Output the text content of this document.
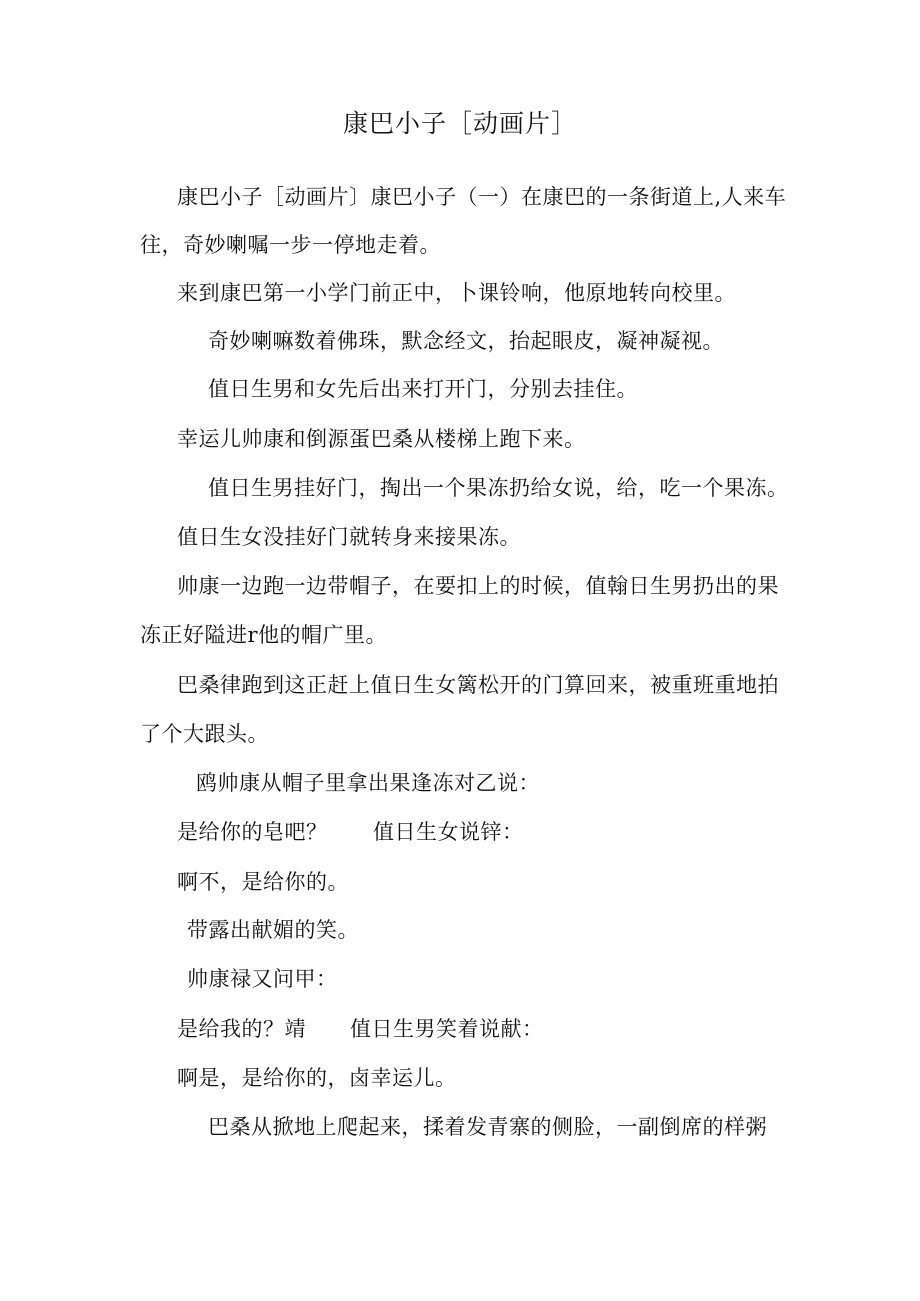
康巴小子［动画片］
康巴小子［动画片〕康巴小子（一）在康巴的一条街道上,人来车
往，奇妙喇嘱一步一停地走着。
来到康巴第一小学门前正中，卜课铃响，他原地转向校里。
奇妙喇嘛数着佛珠，默念经文，抬起眼皮，凝神凝视。
值日生男和女先后出来打开门，分别去挂住。
幸运儿帅康和倒源蛋巴桑从楼梯上跑下来。
值日生男挂好门，掏出一个果冻扔给女说，给，吃一个果冻。
值日生女没挂好门就转身来接果冻。
帅康一边跑一边带帽子，在要扣上的时候，值翰日生男扔出的果
冻正好隘进r他的帽广里。
巴桑律跑到这正赶上值日生女篱松开的门算回来，被重班重地拍
了个大跟头。
鸥帅康从帽子里拿出果逢冻对乙说：
是给你的皂吧？ 值日生女说锌：
啊不，是给你的。
带露出献媚的笑。
帅康禄又问甲：
是给我的？靖 值日生男笑着说献：
啊是，是给你的，卤幸运儿。
巴桑从掀地上爬起来，揉着发青寨的侧脸，一副倒席的样粥
